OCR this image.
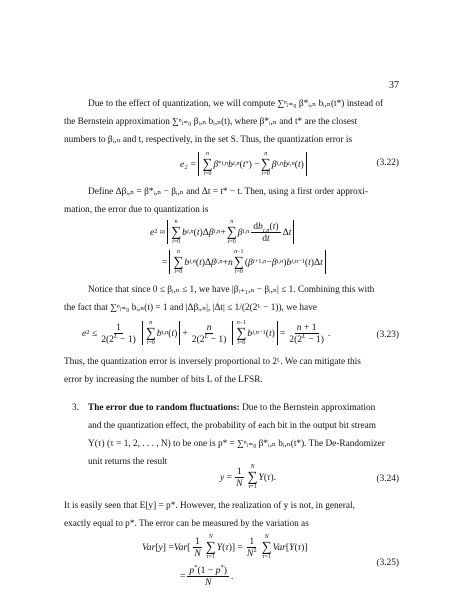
37
Due to the effect of quantization, we will compute ∑ⁿᵢ₌₀ β*ᵢ,ₙ bᵢ,ₙ(t*) instead of
the Bernstein approximation ∑ⁿᵢ₌₀ βᵢ,ₙ bᵢ,ₙ(t), where β*ᵢ,ₙ and t* are the closest
numbers to βᵢ,ₙ and t, respectively, in the set S. Thus, the quantization error is
e₂ =
n
∑
i=0
β * i,n b i,n ( t * ) −
n
∑
i=0
β i,n b i,n ( t )	(3.22)
Define Δβᵢ,ₙ = β*ᵢ,ₙ − βᵢ,ₙ and Δt = t* − t. Then, using a first order approxi-
mation, the error due to quantization is
e 2 ≈
n
∑
i=0
b i,n ( t )Δ β i,n +
n
∑
i=0
β $i,n \frac{db_{i,n}(t)}{dt}$ Δ t
=
n
∑
i=0
b i,n ( t )Δ β i,n + n
n−1
∑
i=0
( β i+1,n − β i,n ) b i,n−1 ( t )Δ t
Notice that since 0 ≤ βᵢ,ₙ ≤ 1, we have |βᵢ₊₁,ₙ − βᵢ,ₙ| ≤ 1. Combining this with
the fact that ∑ⁿᵢ₌₀ bᵢ,ₙ(t) = 1 and |Δβᵢ,ₙ|, |Δt| ≤ 1/(2(2ᴸ − 1)), we have
e $2 \le \frac{1}{2(2^L - 1)}$ n
∑
i=0
b i,n ( t )
+ $\frac{n}{2(2^L - 1)} n-1$
∑
i=0
b i,n−1 ( t )
= $\frac{n + 1}{2(2^L - 1)}$ .	(3.23)
Thus, the quantization error is inversely proportional to 2ᴸ. We can mitigate this
error by increasing the number of bits L of the LFSR.
3. The error due to random fluctuations: Due to the Bernstein approximation
and the quantization effect, the probability of each bit in the output bit stream
Y(τ) (τ = 1, 2, . . . , N) to be one is p* = ∑ⁿᵢ₌₀ β*ᵢ,ₙ bᵢ,ₙ(t*). The De-Randomizer
unit returns the result
$y = \frac{1}{N}$ N
∑
τ=1
Y ( τ ).	(3.24)
It is easily seen that E[y] = p*. However, the realization of y is not, in general,
exactly equal to p*. The error can be measured by the variation as
Var [ y ] = Var [ $\frac{1}{N}$ N
∑
τ=1
Y ( τ )] = $\frac{1}{N^2}$ N
∑
τ=1
Var [ Y ( τ )]
= $\frac{p^*(1 - p^*)}{N}$ .
(3.25)
